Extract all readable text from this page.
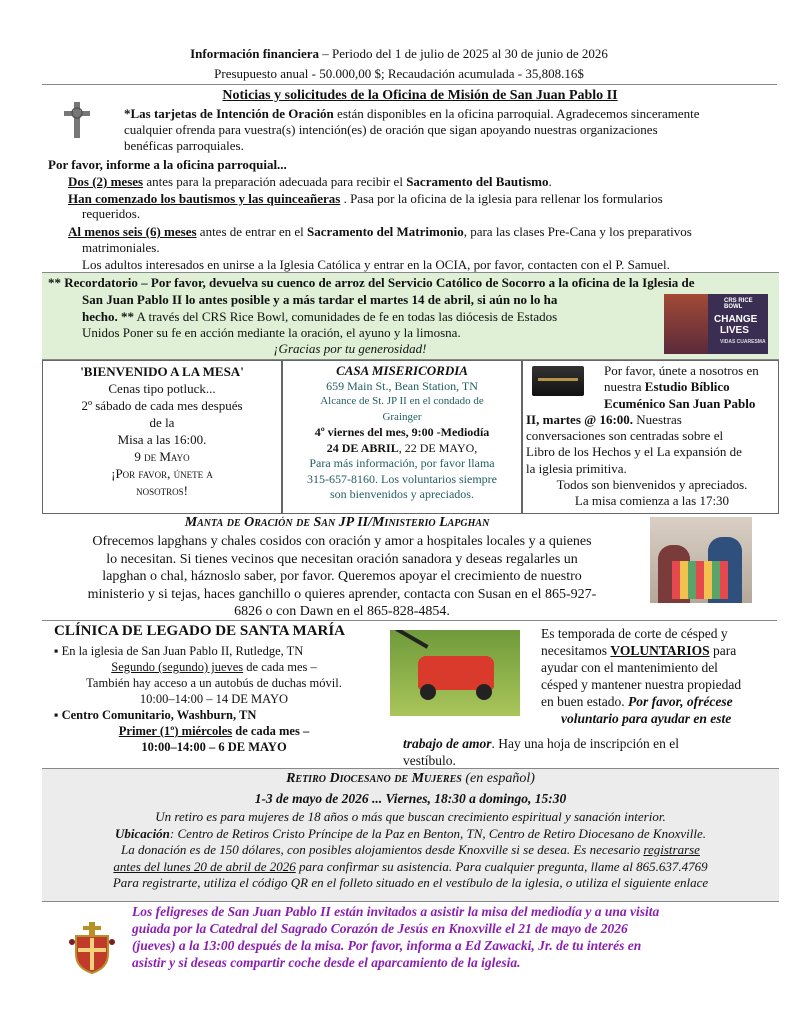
Información financiera – Periodo del 1 de julio de 2025 al 30 de junio de 2026
Presupuesto anual - 50.000,00 $; Recaudación acumulada - 35,808.16$
Noticias y solicitudes de la Oficina de Misión de San Juan Pablo II
*Las tarjetas de Intención de Oración están disponibles en la oficina parroquial. Agradecemos sinceramente
cualquier ofrenda para vuestra(s) intención(es) de oración que sigan apoyando nuestras organizaciones
benéficas parroquiales.
Por favor, informe a la oficina parroquial...
Dos (2) meses antes para la preparación adecuada para recibir el Sacramento del Bautismo.
Han comenzado los bautismos y las quinceañeras . Pasa por la oficina de la iglesia para rellenar los formularios
requeridos.
Al menos seis (6) meses antes de entrar en el Sacramento del Matrimonio, para las clases Pre-Cana y los preparativos
matrimoniales.
Los adultos interesados en unirse a la Iglesia Católica y entrar en la OCIA, por favor, contacten con el P. Samuel.
** Recordatorio – Por favor, devuelva su cuenco de arroz del Servicio Católico de Socorro a la oficina de la Iglesia de
San Juan Pablo II lo antes posible y a más tardar el martes 14 de abril, si aún no lo ha
hecho. ** A través del CRS Rice Bowl, comunidades de fe en todas las diócesis de Estados
Unidos Poner su fe en acción mediante la oración, el ayuno y la limosna.
¡Gracias por tu generosidad!
CRS RICE BOWL
CHANGE
LIVES
VIDAS CUARESMA
'BIENVENIDO A LA MESA'
Cenas tipo potluck...
2º sábado de cada mes después
de la
Misa a las 16:00.
9 de Mayo
¡Por favor, únete a
nosotros!
CASA MISERICORDIA
659 Main St., Bean Station, TN
Alcance de St. JP II en el condado de
Grainger
4º viernes del mes, 9:00 -Mediodía
24 DE ABRIL, 22 DE MAYO,
Para más información, por favor llama
315-657-8160. Los voluntarios siempre
son bienvenidos y apreciados.
Por favor, únete a nosotros en
nuestra Estudio Bíblico
Ecuménico San Juan Pablo
II, martes @ 16:00. Nuestras
conversaciones son centradas sobre el
Libro de los Hechos y el La expansión de
la iglesia primitiva.
Todos son bienvenidos y apreciados.
La misa comienza a las 17:30
Manta de Oración de San JP II/Ministerio Lapghan
Ofrecemos lapghans y chales cosidos con oración y amor a hospitales locales y a quienes
lo necesitan. Si tienes vecinos que necesitan oración sanadora y deseas regalarles un
lapghan o chal, háznoslo saber, por favor. Queremos apoyar el crecimiento de nuestro
ministerio y si tejas, haces ganchillo o quieres aprender, contacta con Susan en el 865-927-
6826 o con Dawn en el 865-828-4854.
CLÍNICA DE LEGADO DE SANTA MARÍA
▪ En la iglesia de San Juan Pablo II, Rutledge, TN
Segundo (segundo) jueves de cada mes –
También hay acceso a un autobús de duchas móvil.
10:00–14:00 – 14 DE MAYO
▪ Centro Comunitario, Washburn, TN
Primer (1º) miércoles de cada mes –
10:00–14:00 – 6 DE MAYO
Es temporada de corte de césped y
necesitamos VOLUNTARIOS para
ayudar con el mantenimiento del
césped y mantener nuestra propiedad
en buen estado. Por favor, ofrécese
voluntario para ayudar en este
trabajo de amor. Hay una hoja de inscripción en el
vestíbulo.
Retiro Diocesano de Mujeres (en español)
1-3 de mayo de 2026 ... Viernes, 18:30 a domingo, 15:30
Un retiro es para mujeres de 18 años o más que buscan crecimiento espiritual y sanación interior.
Ubicación: Centro de Retiros Cristo Príncipe de la Paz en Benton, TN, Centro de Retiro Diocesano de Knoxville.
La donación es de 150 dólares, con posibles alojamientos desde Knoxville si se desea. Es necesario registrarse
antes del lunes 20 de abril de 2026 para confirmar su asistencia. Para cualquier pregunta, llame al 865.637.4769
Para registrarte, utiliza el código QR en el folleto situado en el vestíbulo de la iglesia, o utiliza el siguiente enlace
Los feligreses de San Juan Pablo II están invitados a asistir la misa del mediodía y a una visita
guiada por la Catedral del Sagrado Corazón de Jesús en Knoxville el 21 de mayo de 2026
(jueves) a la 13:00 después de la misa. Por favor, informa a Ed Zawacki, Jr. de tu interés en
asistir y si deseas compartir coche desde el aparcamiento de la iglesia.
